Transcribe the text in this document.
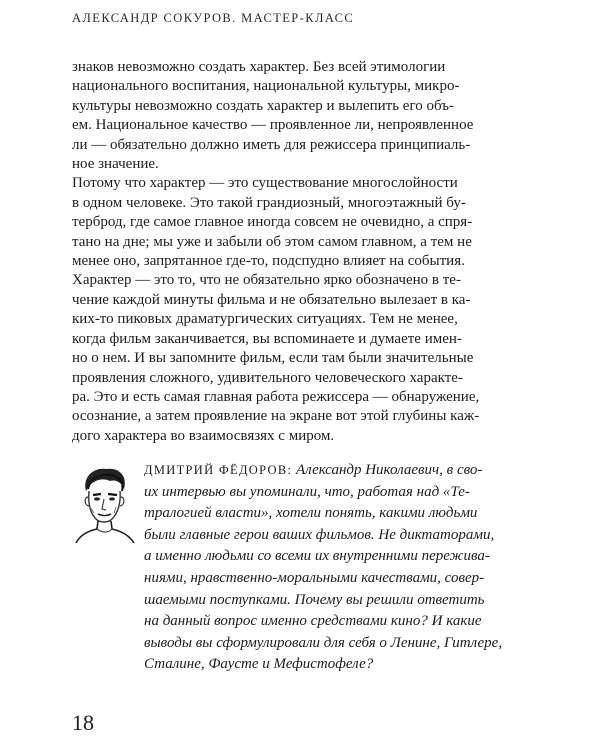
АЛЕКСАНДР СОКУРОВ. МАСТЕР-КЛАСС
знаков невозможно создать характер. Без всей этимологии
национального воспитания, национальной культуры, микро-
культуры невозможно создать характер и вылепить его объ-
ем. Национальное качество — проявленное ли, непроявленное
ли — обязательно должно иметь для режиссера принципиаль-
ное значение.
Потому что характер — это существование многослойности
в одном человеке. Это такой грандиозный, многоэтажный бу-
терброд, где самое главное иногда совсем не очевидно, а спря-
тано на дне; мы уже и забыли об этом самом главном, а тем не
менее оно, запрятанное где-то, подспудно влияет на события.
Характер — это то, что не обязательно ярко обозначено в те-
чение каждой минуты фильма и не обязательно вылезает в ка-
ких-то пиковых драматургических ситуациях. Тем не менее,
когда фильм заканчивается, вы вспоминаете и думаете имен-
но о нем. И вы запомните фильм, если там были значительные
проявления сложного, удивительного человеческого характе-
ра. Это и есть самая главная работа режиссера — обнаружение,
осознание, а затем проявление на экране вот этой глубины каж-
дого характера во взаимосвязях с миром.
ДМИТРИЙ ФЁДОРОВ: Александр Николаевич, в сво-
их интервью вы упоминали, что, работая над «Те-
тралогией власти», хотели понять, какими людьми
были главные герои ваших фильмов. Не диктаторами,
а именно людьми со всеми их внутренними пережива-
ниями, нравственно-моральными качествами, совер-
шаемыми поступками. Почему вы решили ответить
на данный вопрос именно средствами кино? И какие
выводы вы сформулировали для себя о Ленине, Гитлере,
Сталине, Фаусте и Мефистофеле?
18
